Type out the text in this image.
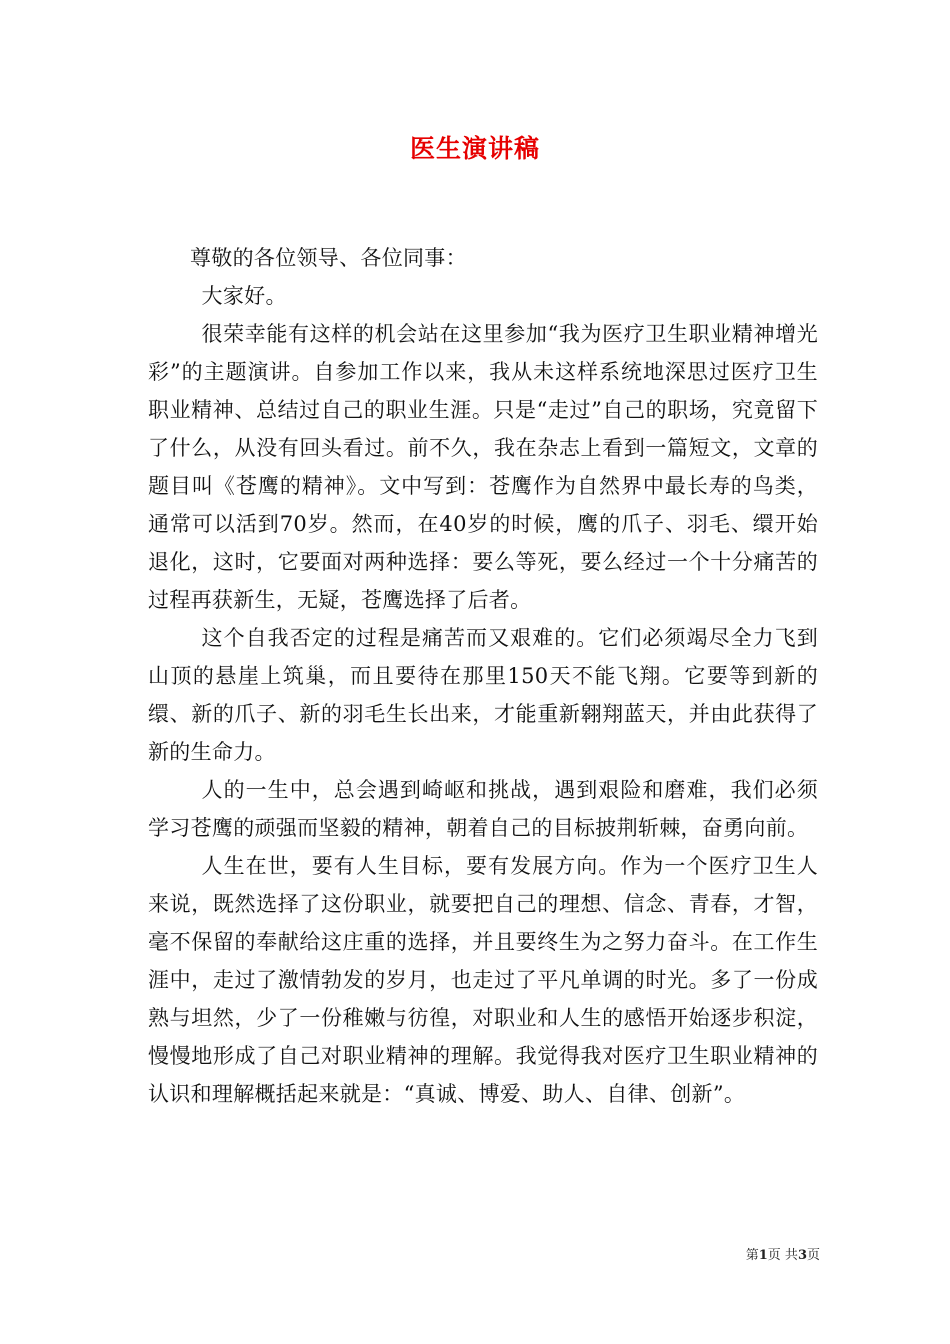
医生演讲稿

尊敬的各位领导、各位同事：

大家好。

很荣幸能有这样的机会站在这里参加“我为医疗卫生职业精神增光彩”的主题演讲。自参加工作以来，我从未这样系统地深思过医疗卫生职业精神、总结过自己的职业生涯。只是“走过”自己的职场，究竟留下了什么，从没有回头看过。前不久，我在杂志上看到一篇短文，文章的题目叫《苍鹰的精神》。文中写到：苍鹰作为自然界中最长寿的鸟类，通常可以活到70岁。然而，在40岁的时候，鹰的爪子、羽毛、缳开始退化，这时，它要面对两种选择：要么等死，要么经过一个十分痛苦的过程再获新生，无疑，苍鹰选择了后者。

这个自我否定的过程是痛苦而又艰难的。它们必须竭尽全力飞到山顶的悬崖上筑巢，而且要待在那里150天不能飞翔。它要等到新的缳、新的爪子、新的羽毛生长出来，才能重新翱翔蓝天，并由此获得了新的生命力。

人的一生中，总会遇到崎岖和挑战，遇到艰险和磨难，我们必须学习苍鹰的顽强而坚毅的精神，朝着自己的目标披荆斩棘，奋勇向前。

人生在世，要有人生目标，要有发展方向。作为一个医疗卫生人来说，既然选择了这份职业，就要把自己的理想、信念、青春，才智，毫不保留的奉献给这庄重的选择，并且要终生为之努力奋斗。在工作生涯中，走过了激情勃发的岁月，也走过了平凡单调的时光。多了一份成熟与坦然，少了一份稚嫩与彷徨，对职业和人生的感悟开始逐步积淀，慢慢地形成了自己对职业精神的理解。我觉得我对医疗卫生职业精神的认识和理解概括起来就是：“真诚、博爱、助人、自律、创新”。

第1页 共3页
